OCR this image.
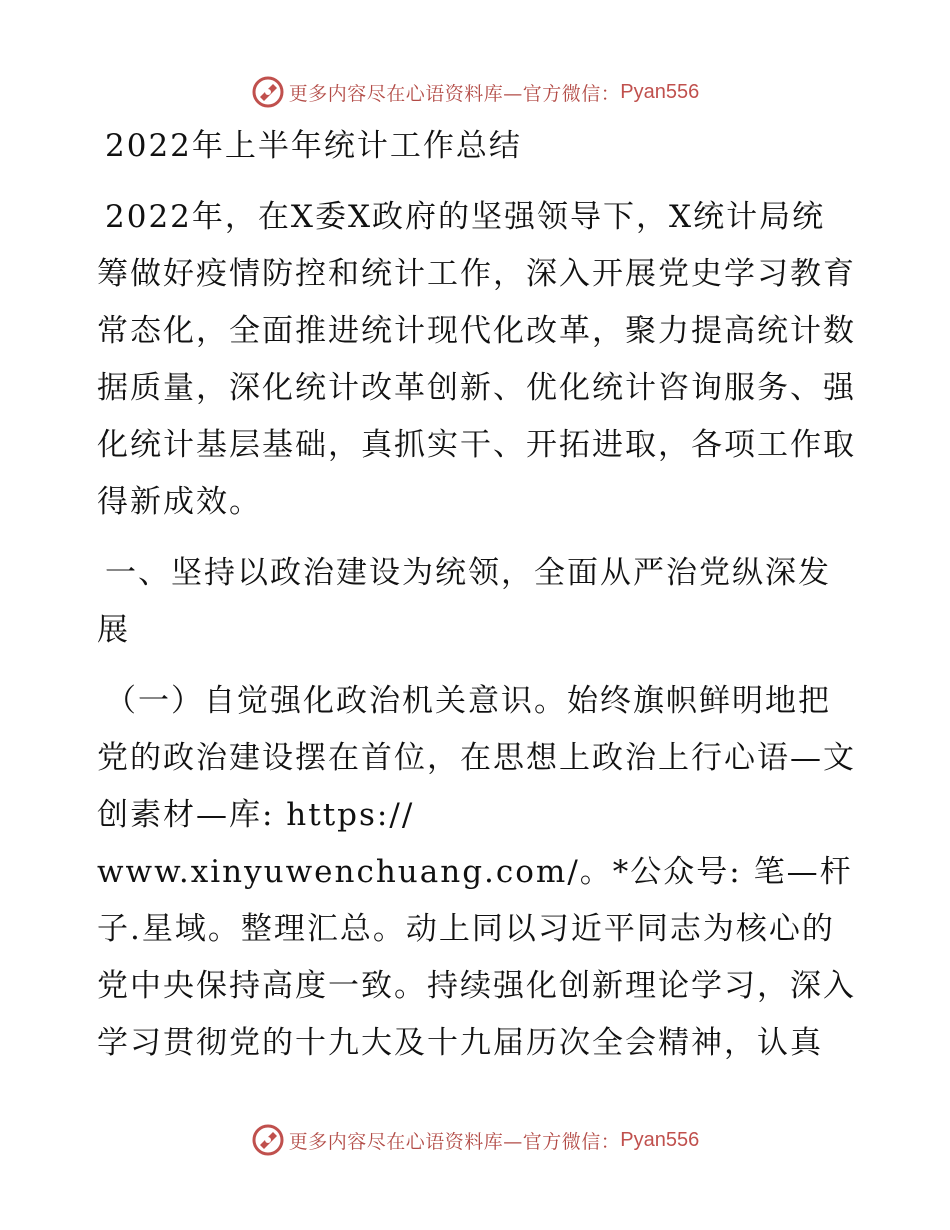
更多内容尽在心语资料库—官方微信： Pyan556

2022年上半年统计工作总结

2022年，在X委X政府的坚强领导下，X统计局统筹做好疫情防控和统计工作，深入开展党史学习教育常态化，全面推进统计现代化改革，聚力提高统计数据质量，深化统计改革创新、优化统计咨询服务、强化统计基层基础，真抓实干、开拓进取，各项工作取得新成效。

一、坚持以政治建设为统领，全面从严治党纵深发展

（一）自觉强化政治机关意识。始终旗帜鲜明地把党的政治建设摆在首位，在思想上政治上行心语—文创素材—库: https://

www.xinyuwenchuang.com/。*公众号: 笔—杆子.星域。整理汇总。动上同以习近平同志为核心的党中央保持高度一致。持续强化创新理论学习，深入学习贯彻党的十九大及十九届历次全会精神，认真

更多内容尽在心语资料库—官方微信： Pyan556
